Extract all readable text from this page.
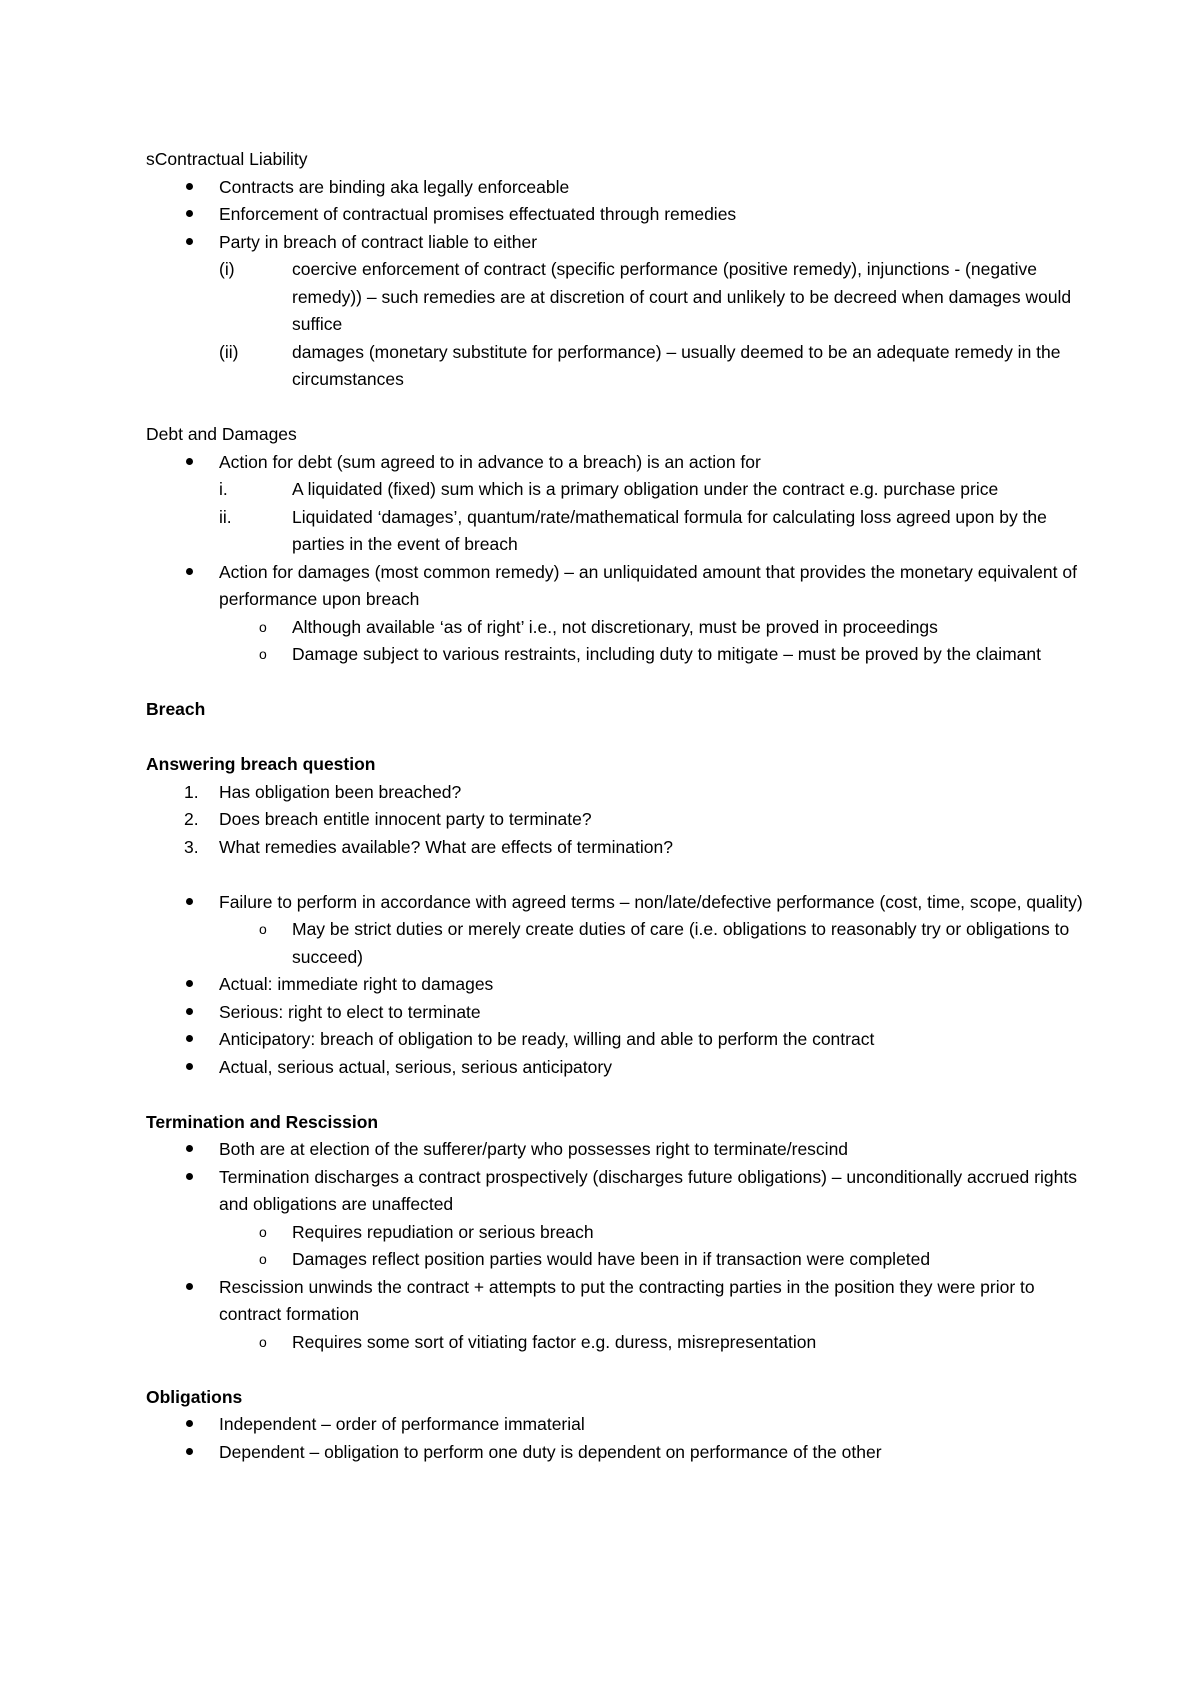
sContractual Liability

Contracts are binding aka legally enforceable
Enforcement of contractual promises effectuated through remedies
Party in breach of contract liable to either
(i)	coercive enforcement of contract (specific performance (positive remedy), injunctions - (negative remedy)) – such remedies are at discretion of court and unlikely to be decreed when damages would suffice
(ii)	damages (monetary substitute for performance) – usually deemed to be an adequate remedy in the circumstances

Debt and Damages

Action for debt (sum agreed to in advance to a breach) is an action for
i.	A liquidated (fixed) sum which is a primary obligation under the contract e.g. purchase price
ii.	Liquidated ‘damages’, quantum/rate/mathematical formula for calculating loss agreed upon by the parties in the event of breach
Action for damages (most common remedy) – an unliquidated amount that provides the monetary equivalent of performance upon breach
o Although available ‘as of right’ i.e., not discretionary, must be proved in proceedings
o Damage subject to various restraints, including duty to mitigate – must be proved by the claimant

Breach

Answering breach question

1.	Has obligation been breached?
2.	Does breach entitle innocent party to terminate?
3.	What remedies available? What are effects of termination?
Failure to perform in accordance with agreed terms – non/late/defective performance (cost, time, scope, quality)
o May be strict duties or merely create duties of care (i.e. obligations to reasonably try or obligations to succeed)
Actual: immediate right to damages
Serious: right to elect to terminate
Anticipatory: breach of obligation to be ready, willing and able to perform the contract
Actual, serious actual, serious, serious anticipatory

Termination and Rescission

Both are at election of the sufferer/party who possesses right to terminate/rescind
Termination discharges a contract prospectively (discharges future obligations) – unconditionally accrued rights and obligations are unaffected
o Requires repudiation or serious breach
o Damages reflect position parties would have been in if transaction were completed
Rescission unwinds the contract + attempts to put the contracting parties in the position they were prior to contract formation
o Requires some sort of vitiating factor e.g. duress, misrepresentation

Obligations

Independent – order of performance immaterial
Dependent – obligation to perform one duty is dependent on performance of the other
